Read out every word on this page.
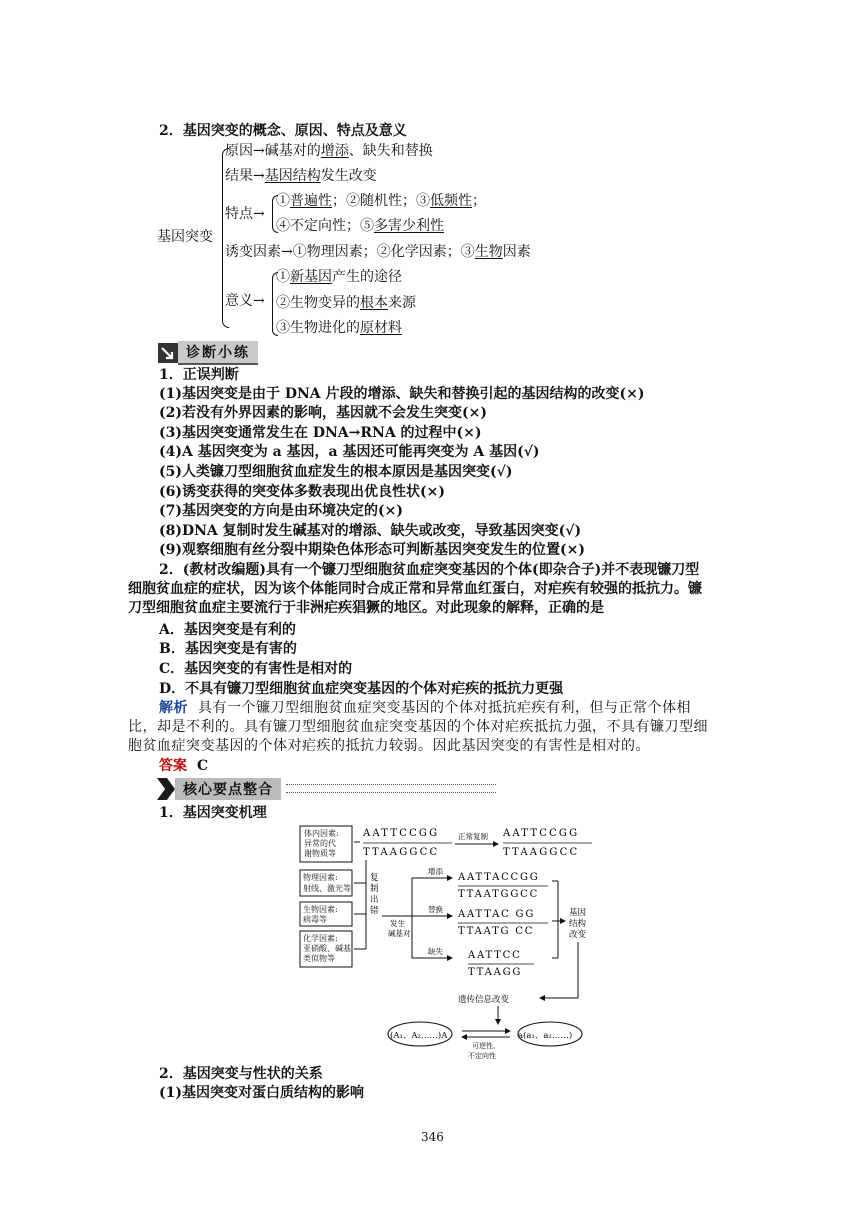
2．基因突变的概念、原因、特点及意义
基因突变
原因→碱基对的增添、缺失和替换
结果→基因结构发生改变
特点→
①普遍性；②随机性；③低频性；
④不定向性；⑤多害少利性
诱变因素→①物理因素；②化学因素；③生物因素
意义→
①新基因产生的途径
②生物变异的根本来源
③生物进化的原材料
诊断小练
1．正误判断
(1)基因突变是由于 DNA 片段的增添、缺失和替换引起的基因结构的改变(×)
(2)若没有外界因素的影响，基因就不会发生突变(×)
(3)基因突变通常发生在 DNA→RNA 的过程中(×)
(4)A 基因突变为 a 基因，a 基因还可能再突变为 A 基因(√)
(5)人类镰刀型细胞贫血症发生的根本原因是基因突变(√)
(6)诱变获得的突变体多数表现出优良性状(×)
(7)基因突变的方向是由环境决定的(×)
(8)DNA 复制时发生碱基对的增添、缺失或改变，导致基因突变(√)
(9)观察细胞有丝分裂中期染色体形态可判断基因突变发生的位置(×)
2．(教材改编题)具有一个镰刀型细胞贫血症突变基因的个体(即杂合子)并不表现镰刀型细胞贫血症的症状，因为该个体能同时合成正常和异常血红蛋白，对疟疾有较强的抵抗力。镰刀型细胞贫血症主要流行于非洲疟疾猖獗的地区。对此现象的解释，正确的是
A．基因突变是有利的
B．基因突变是有害的
C．基因突变的有害性是相对的
D．不具有镰刀型细胞贫血症突变基因的个体对疟疾的抵抗力更强
解析 具有一个镰刀型细胞贫血症突变基因的个体对抵抗疟疾有利，但与正常个体相比，却是不利的。具有镰刀型细胞贫血症突变基因的个体对疟疾抵抗力强，不具有镰刀型细胞贫血症突变基因的个体对疟疾的抵抗力较弱。因此基因突变的有害性是相对的。
答案 C
核心要点整合
1．基因突变机理
体内因素:
异常的代
谢物质等
物理因素:
射线、激光等
生物因素:
病毒等
化学因素:
亚硝酸、碱基
类似物等
AATTCCGG
TTAAGGCC
AATTCCGG
TTAAGGCC
正常复制
复
制
出
错
发生
碱基对
增添
替换
缺失
AATTACCGG
TTAATGGCC
AATTAC GG
TTAATG CC
AATTCC
TTAAGG
基因
结构
改变
遗传信息改变
(A₁、A₂……)A	a(a₁、a₂……)
可逆性、
不定向性
2．基因突变与性状的关系
(1)基因突变对蛋白质结构的影响
346
